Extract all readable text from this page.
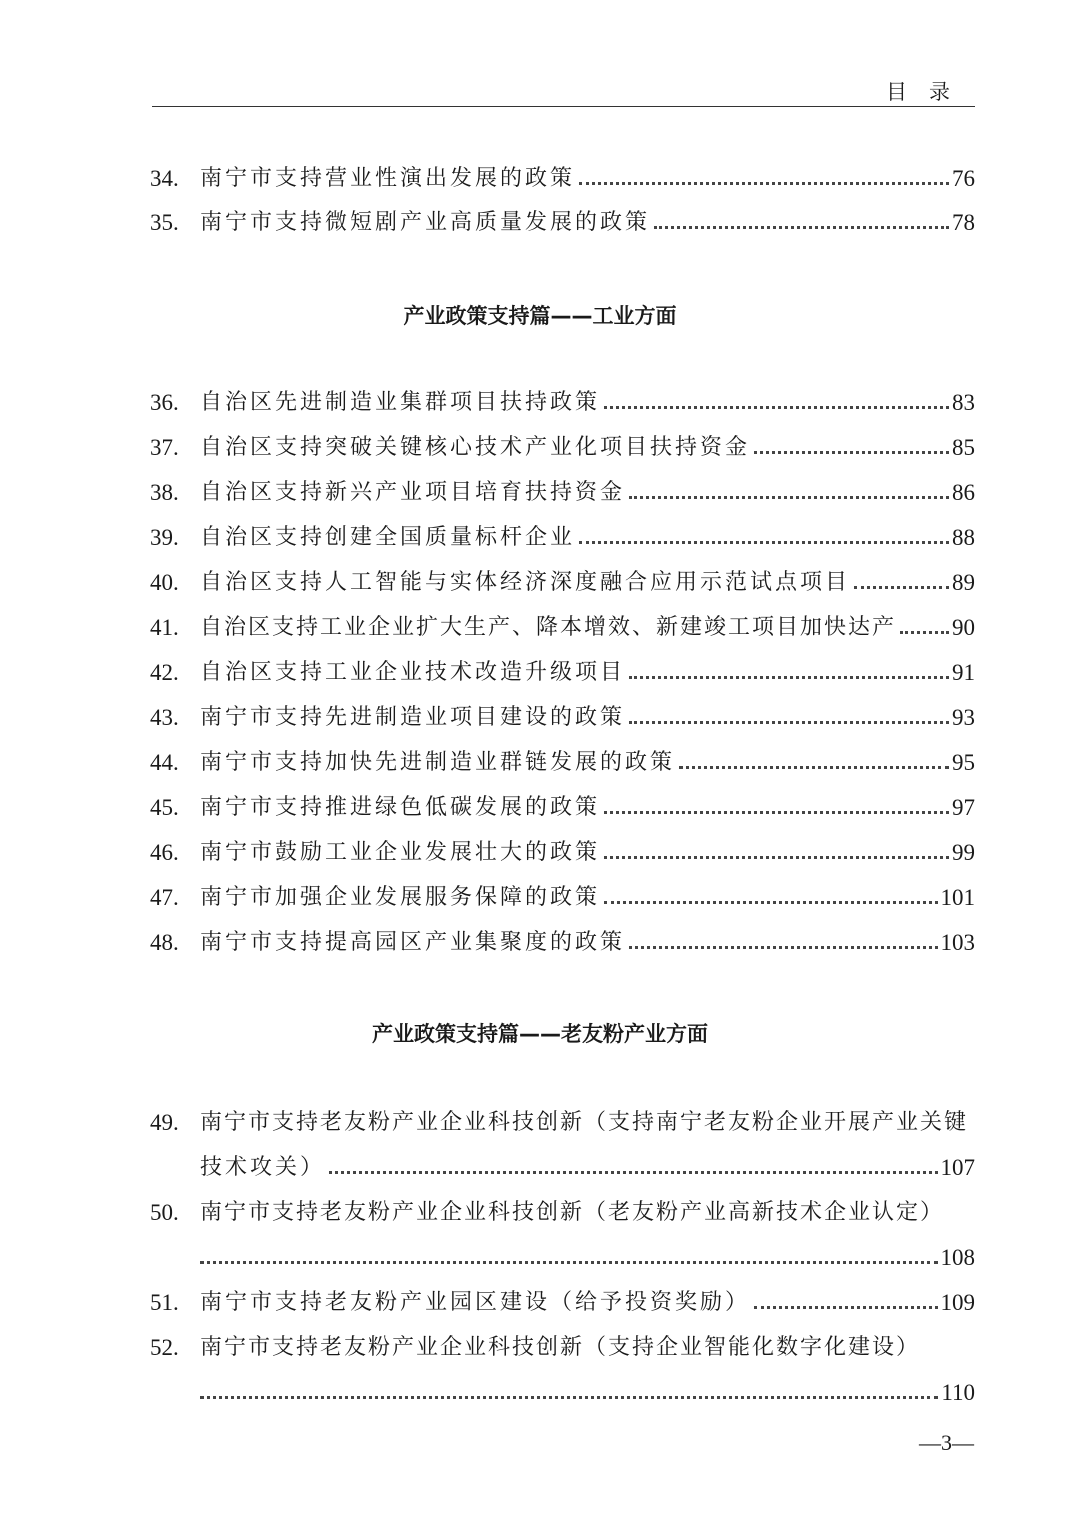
目录
34. 南宁市支持营业性演出发展的政策	76
35. 南宁市支持微短剧产业高质量发展的政策	78
产业政策支持篇——工业方面
36. 自治区先进制造业集群项目扶持政策	83
37. 自治区支持突破关键核心技术产业化项目扶持资金	85
38. 自治区支持新兴产业项目培育扶持资金	86
39. 自治区支持创建全国质量标杆企业	88
40. 自治区支持人工智能与实体经济深度融合应用示范试点项目	89
41. 自治区支持工业企业扩大生产、降本增效、新建竣工项目加快达产 90
42. 自治区支持工业企业技术改造升级项目	91
43. 南宁市支持先进制造业项目建设的政策	93
44. 南宁市支持加快先进制造业群链发展的政策	95
45. 南宁市支持推进绿色低碳发展的政策	97
46. 南宁市鼓励工业企业发展壮大的政策	99
47. 南宁市加强企业发展服务保障的政策	101
48. 南宁市支持提高园区产业集聚度的政策	103
产业政策支持篇——老友粉产业方面
49. 南宁市支持老友粉产业企业科技创新（支持南宁老友粉企业开展产业关键
技术攻关）	107
50. 南宁市支持老友粉产业企业科技创新（老友粉产业高新技术企业认定）
108
51. 南宁市支持老友粉产业园区建设（给予投资奖励）	109
52. 南宁市支持老友粉产业企业科技创新（支持企业智能化数字化建设）
110
—3—
